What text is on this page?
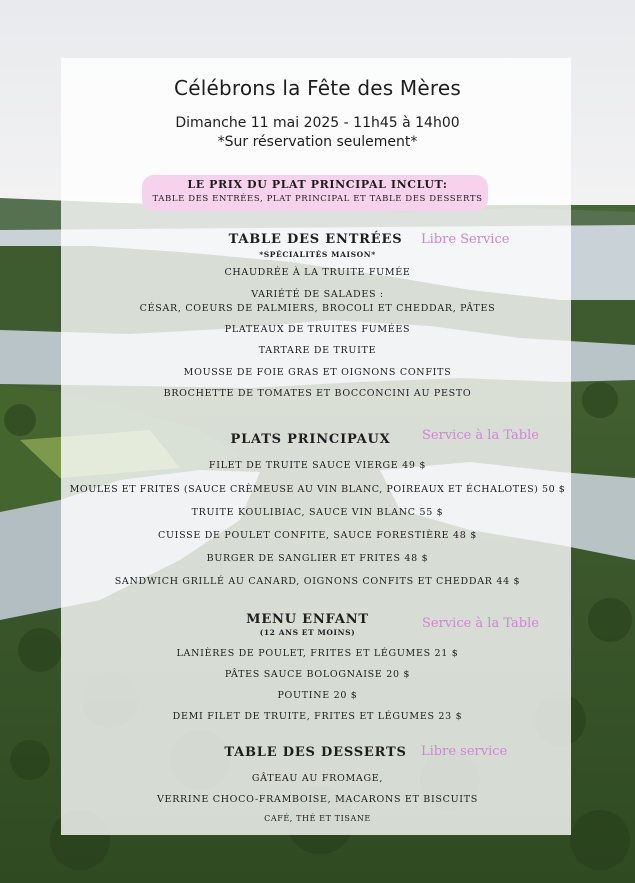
Célébrons la Fête des Mères
Dimanche 11 mai 2025 - 11h45 à 14h00
*Sur réservation seulement*
LE PRIX DU PLAT PRINCIPAL INCLUT:
TABLE DES ENTRÉES, PLAT PRINCIPAL ET TABLE DES DESSERTS
TABLE DES ENTRÉES	Libre Service
*SPÉCIALITÉS MAISON*
CHAUDRÉE À LA TRUITE FUMÉE
VARIÉTÉ DE SALADES :
CÉSAR, COEURS DE PALMIERS, BROCOLI ET CHEDDAR, PÂTES
PLATEAUX DE TRUITES FUMÉES
TARTARE DE TRUITE
MOUSSE DE FOIE GRAS ET OIGNONS CONFITS
BROCHETTE DE TOMATES ET BOCCONCINI AU PESTO
PLATS PRINCIPAUX	Service à la Table
FILET DE TRUITE SAUCE VIERGE 49 $
MOULES ET FRITES (SAUCE CRÈMEUSE AU VIN BLANC, POIREAUX ET ÉCHALOTES) 50 $
TRUITE KOULIBIAC, SAUCE VIN BLANC 55 $
CUISSE DE POULET CONFITE, SAUCE FORESTIÈRE 48 $
BURGER DE SANGLIER ET FRITES 48 $
SANDWICH GRILLÉ AU CANARD, OIGNONS CONFITS ET CHEDDAR 44 $
MENU ENFANT	Service à la Table
(12 ANS ET MOINS)
LANIÈRES DE POULET, FRITES ET LÉGUMES 21 $
PÂTES SAUCE BOLOGNAISE 20 $
POUTINE 20 $
DEMI FILET DE TRUITE, FRITES ET LÉGUMES 23 $
TABLE DES DESSERTS	Libre service
GÂTEAU AU FROMAGE,
VERRINE CHOCO-FRAMBOISE, MACARONS ET BISCUITS
CAFÉ, THÉ ET TISANE
